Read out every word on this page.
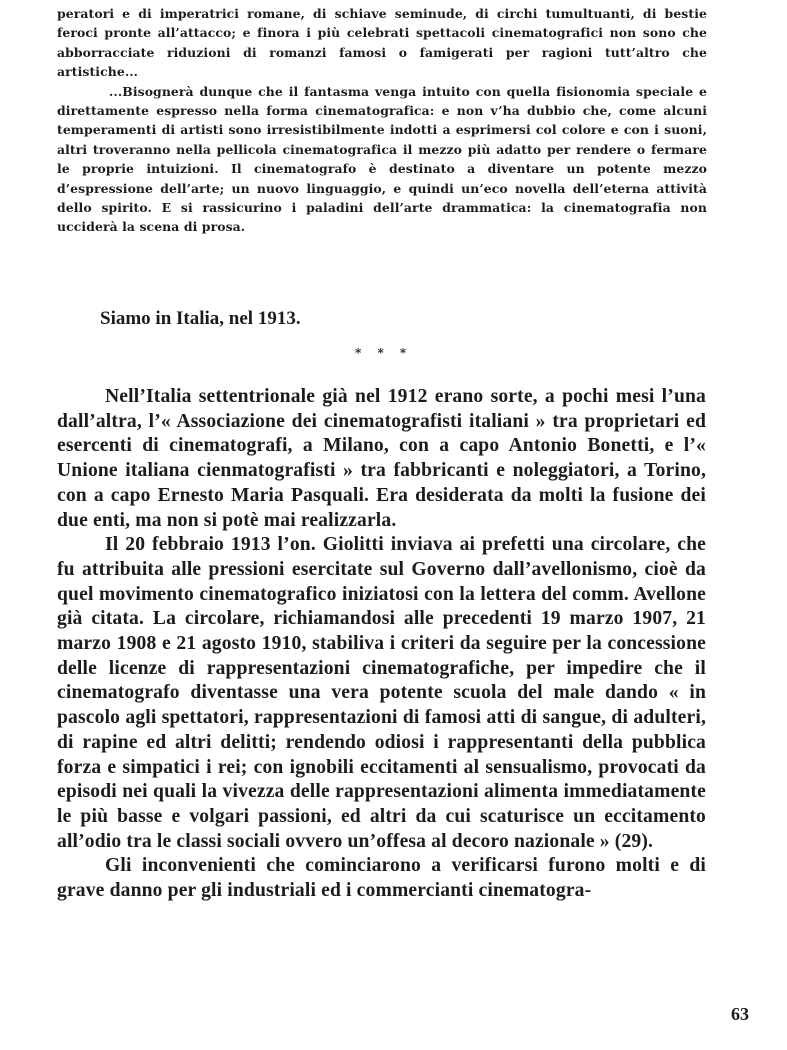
peratori e di imperatrici romane, di schiave seminude, di circhi tumultuanti, di bestie feroci pronte all’attacco; e finora i più celebrati spettacoli cinematografici non sono che abborracciate riduzioni di romanzi famosi o famigerati per ragioni tutt’altro che artistiche...

...Bisognerà dunque che il fantasma venga intuito con quella fisionomia speciale e direttamente espresso nella forma cinematografica: e non v’ha dubbio che, come alcuni temperamenti di artisti sono irresistibilmente indotti a esprimersi col colore e con i suoni, altri troveranno nella pellicola cinematografica il mezzo più adatto per rendere o fermare le proprie intuizioni. Il cinematografo è destinato a diventare un potente mezzo d’espressione dell’arte; un nuovo linguaggio, e quindi un’eco novella dell’eterna attività dello spirito. E si rassicurino i paladini dell’arte drammatica: la cinematografia non ucciderà la scena di prosa.

Siamo in Italia, nel 1913.
* * *

Nell’Italia settentrionale già nel 1912 erano sorte, a pochi mesi l’una dall’altra, l’« Associazione dei cinematografisti italiani » tra proprietari ed esercenti di cinematografi, a Milano, con a capo Antonio Bonetti, e l’« Unione italiana cienmatografisti » tra fabbricanti e noleggiatori, a Torino, con a capo Ernesto Maria Pasquali. Era desiderata da molti la fusione dei due enti, ma non si potè mai realizzarla.

Il 20 febbraio 1913 l’on. Giolitti inviava ai prefetti una circolare, che fu attribuita alle pressioni esercitate sul Governo dall’avellonismo, cioè da quel movimento cinematografico iniziatosi con la lettera del comm. Avellone già citata. La circolare, richiamandosi alle precedenti 19 marzo 1907, 21 marzo 1908 e 21 agosto 1910, stabiliva i criteri da seguire per la concessione delle licenze di rappresentazioni cinematografiche, per impedire che il cinematografo diventasse una vera potente scuola del male dando « in pascolo agli spettatori, rappresentazioni di famosi atti di sangue, di adulteri, di rapine ed altri delitti; rendendo odiosi i rappresentanti della pubblica forza e simpatici i rei; con ignobili eccitamenti al sensualismo, provocati da episodi nei quali la vivezza delle rappresentazioni alimenta immediatamente le più basse e volgari passioni, ed altri da cui scaturisce un eccitamento all’odio tra le classi sociali ovvero un’offesa al decoro nazionale » (29).

Gli inconvenienti che cominciarono a verificarsi furono molti e di grave danno per gli industriali ed i commercianti cinematogra-

63
